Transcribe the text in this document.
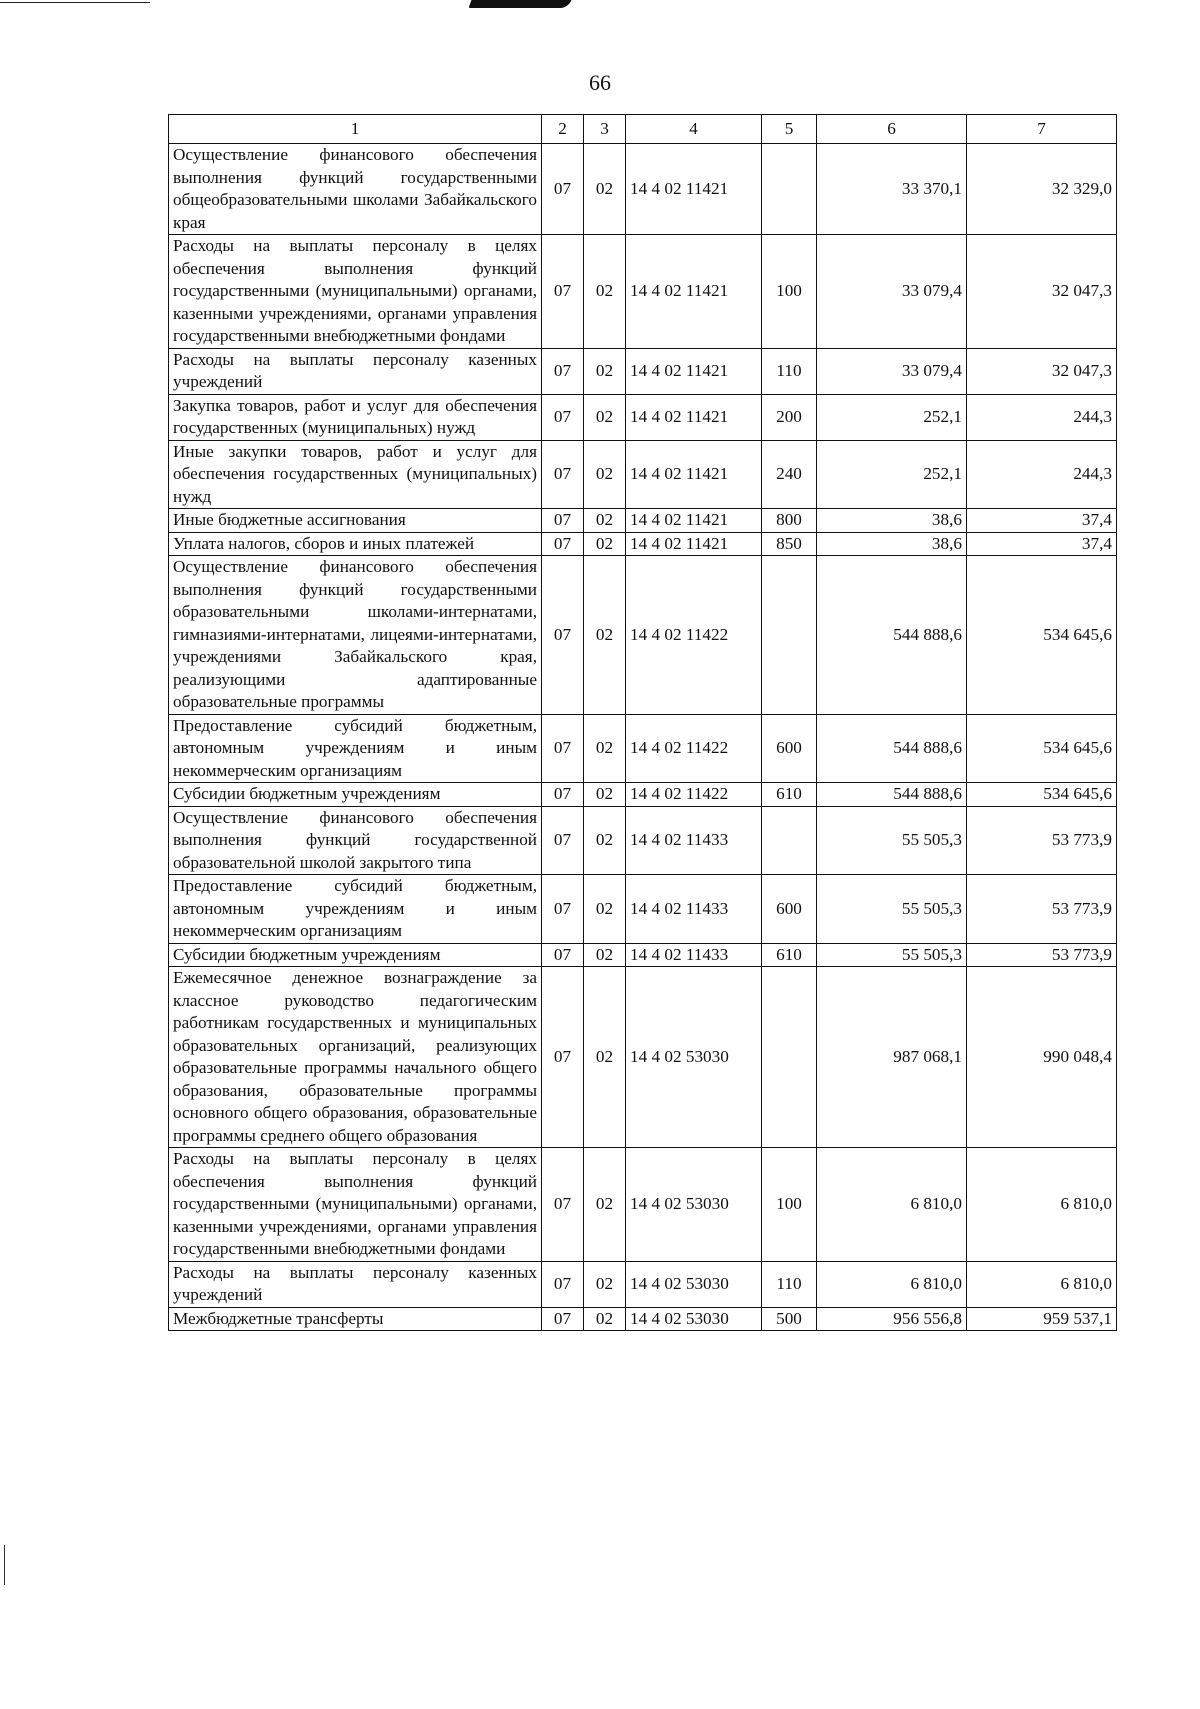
66
1	2	3	4	5	6	7
Осуществление финансового обеспечения выполнения функций государственными общеобразовательными школами Забайкальского края	07	02	14 4 02 11421		33 370,1	32 329,0
Расходы на выплаты персоналу в целях обеспечения выполнения функций государственными (муниципальными) органами, казенными учреждениями, органами управления государственными внебюджетными фондами	07	02	14 4 02 11421	100	33 079,4	32 047,3
Расходы на выплаты персоналу казенных учреждений	07	02	14 4 02 11421	110	33 079,4	32 047,3
Закупка товаров, работ и услуг для обеспечения государственных (муниципальных) нужд	07	02	14 4 02 11421	200	252,1	244,3
Иные закупки товаров, работ и услуг для обеспечения государственных (муниципальных) нужд	07	02	14 4 02 11421	240	252,1	244,3
Иные бюджетные ассигнования	07	02	14 4 02 11421	800	38,6	37,4
Уплата налогов, сборов и иных платежей	07	02	14 4 02 11421	850	38,6	37,4
Осуществление финансового обеспечения выполнения функций государственными образовательными школами-интернатами, гимназиями-интернатами, лицеями-интернатами, учреждениями Забайкальского края, реализующими адаптированные образовательные программы	07	02	14 4 02 11422		544 888,6	534 645,6
Предоставление субсидий бюджетным, автономным учреждениям и иным некоммерческим организациям	07	02	14 4 02 11422	600	544 888,6	534 645,6
Субсидии бюджетным учреждениям	07	02	14 4 02 11422	610	544 888,6	534 645,6
Осуществление финансового обеспечения выполнения функций государственной образовательной школой закрытого типа	07	02	14 4 02 11433		55 505,3	53 773,9
Предоставление субсидий бюджетным, автономным учреждениям и иным некоммерческим организациям	07	02	14 4 02 11433	600	55 505,3	53 773,9
Субсидии бюджетным учреждениям	07	02	14 4 02 11433	610	55 505,3	53 773,9
Ежемесячное денежное вознаграждение за классное руководство педагогическим работникам государственных и муниципальных образовательных организаций, реализующих образовательные программы начального общего образования, образовательные программы основного общего образования, образовательные программы среднего общего образования	07	02	14 4 02 53030		987 068,1	990 048,4
Расходы на выплаты персоналу в целях обеспечения выполнения функций государственными (муниципальными) органами, казенными учреждениями, органами управления государственными внебюджетными фондами	07	02	14 4 02 53030	100	6 810,0	6 810,0
Расходы на выплаты персоналу казенных учреждений	07	02	14 4 02 53030	110	6 810,0	6 810,0
Межбюджетные трансферты	07	02	14 4 02 53030	500	956 556,8	959 537,1
